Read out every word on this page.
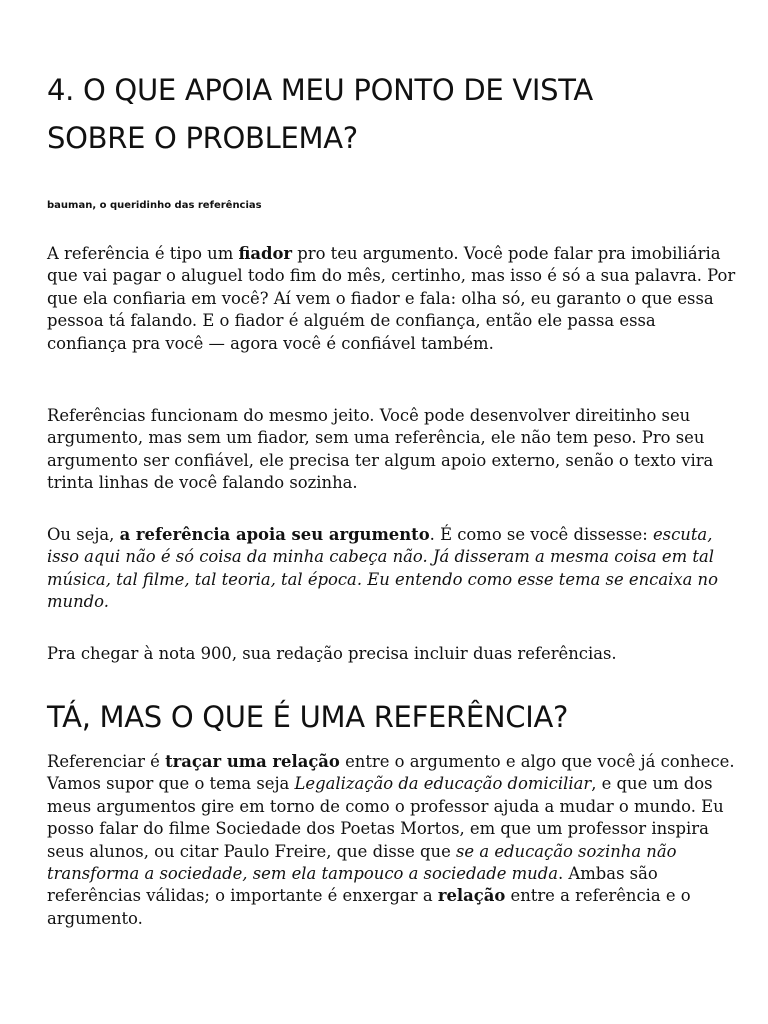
4. O QUE APOIA MEU PONTO DE VISTA
SOBRE O PROBLEMA?
bauman, o queridinho das referências

A referência é tipo um fiador pro teu argumento. Você pode falar pra imobiliária que vai pagar o aluguel todo fim do mês, certinho, mas isso é só a sua palavra. Por que ela confiaria em você? Aí vem o fiador e fala: olha só, eu garanto o que essa pessoa tá falando. E o fiador é alguém de confiança, então ele passa essa confiança pra você — agora você é confiável também.

Referências funcionam do mesmo jeito. Você pode desenvolver direitinho seu argumento, mas sem um fiador, sem uma referência, ele não tem peso. Pro seu argumento ser confiável, ele precisa ter algum apoio externo, senão o texto vira trinta linhas de você falando sozinha.

Ou seja, a referência apoia seu argumento. É como se você dissesse: escuta, isso aqui não é só coisa da minha cabeça não. Já disseram a mesma coisa em tal música, tal filme, tal teoria, tal época. Eu entendo como esse tema se encaixa no mundo.

Pra chegar à nota 900, sua redação precisa incluir duas referências.

TÁ, MAS O QUE É UMA REFERÊNCIA?

Referenciar é traçar uma relação entre o argumento e algo que você já conhece. Vamos supor que o tema seja Legalização da educação domiciliar, e que um dos meus argumentos gire em torno de como o professor ajuda a mudar o mundo. Eu posso falar do filme Sociedade dos Poetas Mortos, em que um professor inspira seus alunos, ou citar Paulo Freire, que disse que se a educação sozinha não transforma a sociedade, sem ela tampouco a sociedade muda. Ambas são referências válidas; o importante é enxergar a relação entre a referência e o argumento.
